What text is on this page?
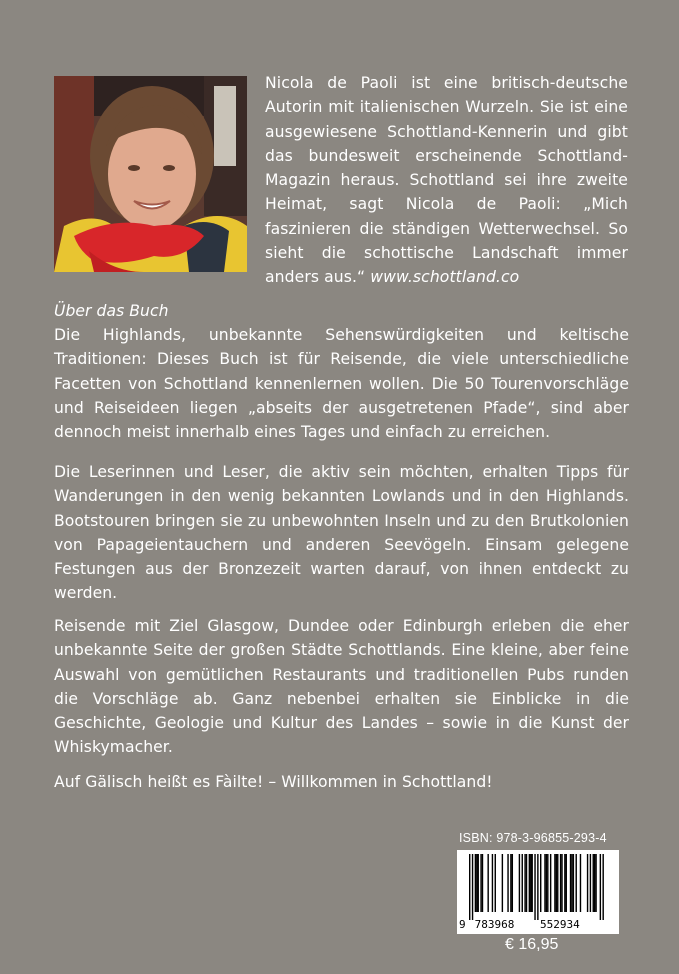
Nicola de Paoli ist eine britisch-deutsche Autorin mit italienischen Wurzeln. Sie ist eine ausgewiesene Schottland-Kennerin und gibt das bundesweit erscheinende Schottland-Magazin heraus. Schottland sei ihre zweite Heimat, sagt Nicola de Paoli: „Mich faszinieren die ständigen Wetterwechsel. So sieht die schottische Landschaft immer anders aus.“ www.schottland.co
Über das Buch

Die Highlands, unbekannte Sehenswürdigkeiten und keltische Traditionen: Dieses Buch ist für Reisende, die viele unterschiedliche Facetten von Schottland kennenlernen wollen. Die 50 Tourenvorschläge und Reiseideen liegen „abseits der ausgetretenen Pfade“, sind aber dennoch meist innerhalb eines Tages und einfach zu erreichen.

Die Leserinnen und Leser, die aktiv sein möchten, erhalten Tipps für Wanderungen in den wenig bekannten Lowlands und in den Highlands. Bootstouren bringen sie zu unbewohnten Inseln und zu den Brutkolonien von Papageientauchern und anderen Seevögeln. Einsam gelegene Festungen aus der Bronzezeit warten darauf, von ihnen entdeckt zu werden.

Reisende mit Ziel Glasgow, Dundee oder Edinburgh erleben die eher unbekannte Seite der großen Städte Schottlands. Eine kleine, aber feine Auswahl von gemütlichen Restaurants und traditionellen Pubs runden die Vorschläge ab. Ganz nebenbei erhalten sie Einblicke in die Geschichte, Geologie und Kultur des Landes – sowie in die Kunst der Whiskymacher.

Auf Gälisch heißt es Fàilte! – Willkommen in Schottland!

ISBN: 978-3-96855-293-4
9 783968 552934
€ 16,95
